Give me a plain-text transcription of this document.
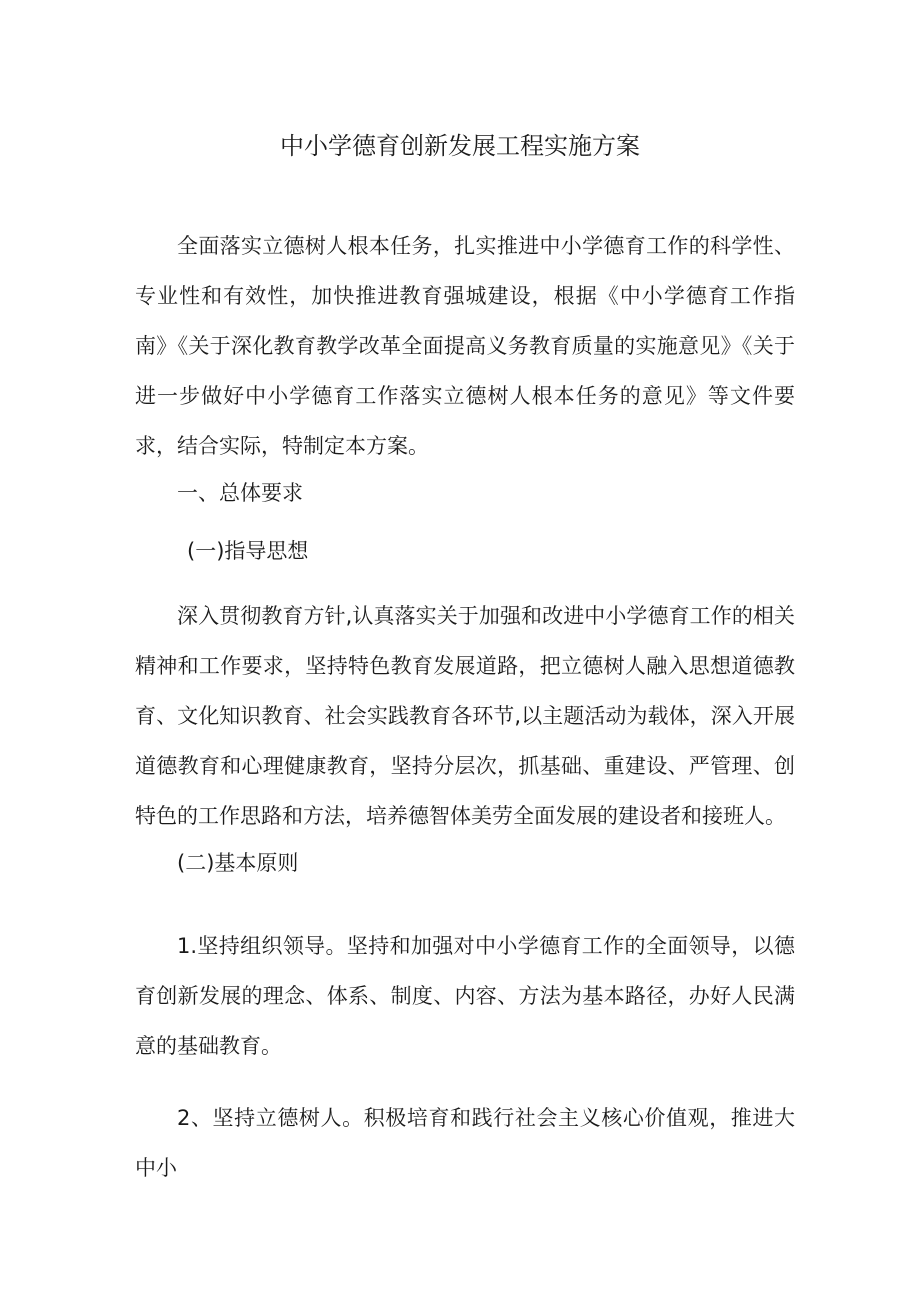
中小学德育创新发展工程实施方案

全面落实立德树人根本任务，扎实推进中小学德育工作的科学性、专业性和有效性，加快推进教育强城建设，根据《中小学德育工作指南》《关于深化教育教学改革全面提高义务教育质量的实施意见》《关于进一步做好中小学德育工作落实立德树人根本任务的意见》等文件要求，结合实际，特制定本方案。

一、总体要求

(一)指导思想

深入贯彻教育方针,认真落实关于加强和改进中小学德育工作的相关精神和工作要求，坚持特色教育发展道路，把立德树人融入思想道德教育、文化知识教育、社会实践教育各环节,以主题活动为载体，深入开展道德教育和心理健康教育，坚持分层次，抓基础、重建设、严管理、创特色的工作思路和方法，培养德智体美劳全面发展的建设者和接班人。

(二)基本原则

1.坚持组织领导。坚持和加强对中小学德育工作的全面领导，以德育创新发展的理念、体系、制度、内容、方法为基本路径，办好人民满意的基础教育。

2、坚持立德树人。积极培育和践行社会主义核心价值观，推进大中小
